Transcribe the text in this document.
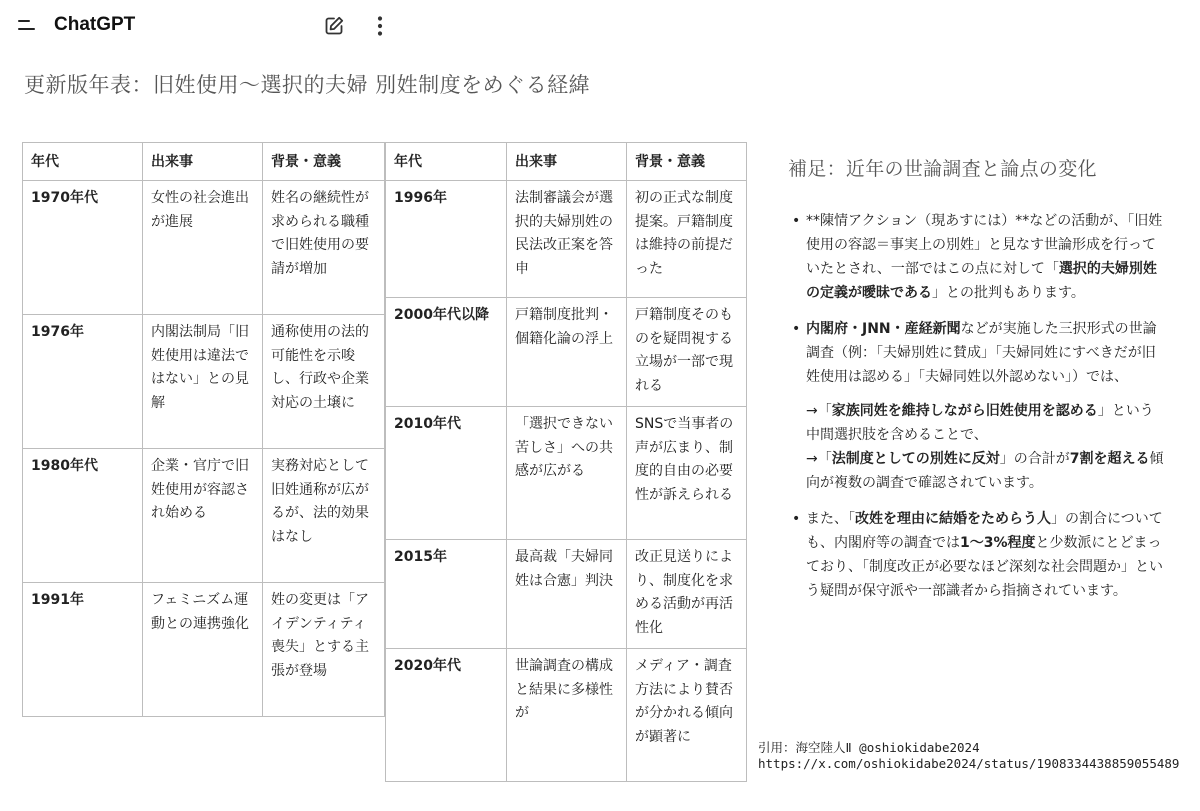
ChatGPT
更新版年表：旧姓使用〜選択的夫婦 別姓制度をめぐる経緯
年代	出来事	背景・意義
1970年代	女性の社会進出が進展	姓名の継続性が求められる職種で旧姓使用の要請が増加
1976年	内閣法制局「旧姓使用は違法ではない」との見解	通称使用の法的可能性を示唆し、行政や企業対応の土壌に
1980年代	企業・官庁で旧姓使用が容認され始める	実務対応として旧姓通称が広がるが、法的効果はなし
1991年	フェミニズム運動との連携強化	姓の変更は「アイデンティティ喪失」とする主張が登場
年代	出来事	背景・意義
1996年	法制審議会が選択的夫婦別姓の民法改正案を答申	初の正式な制度提案。戸籍制度は維持の前提だった
2000年代以降	戸籍制度批判・個籍化論の浮上	戸籍制度そのものを疑問視する立場が一部で現れる
2010年代	「選択できない苦しさ」への共感が広がる	SNSで当事者の声が広まり、制度的自由の必要性が訴えられる
2015年	最高裁「夫婦同姓は合憲」判決	改正見送りにより、制度化を求める活動が再活性化
2020年代	世論調査の構成と結果に多様性が	メディア・調査方法により賛否が分かれる傾向が顕著に
補足：近年の世論調査と論点の変化

• **陳情アクション（現あすには）**などの活動が、「旧姓使用の容認＝事実上の別姓」と見なす世論形成を行っていたとされ、一部ではこの点に対して「選択的夫婦別姓の定義が曖昧である」との批判もあります。

• 内閣府・JNN・産経新聞などが実施した三択形式の世論調査（例：「夫婦別姓に賛成」「夫婦同姓にすべきだが旧姓使用は認める」「夫婦同姓以外認めない」）では、

→「家族同姓を維持しながら旧姓使用を認める」という中間選択肢を含めることで、

→「法制度としての別姓に反対」の合計が7割を超える傾向が複数の調査で確認されています。

• また、「改姓を理由に結婚をためらう人」の割合についても、内閣府等の調査では1〜3%程度と少数派にとどまっており、「制度改正が必要なほど深刻な社会問題か」という疑問が保守派や一部識者から指摘されています。

引用：海空陸人Ⅱ @oshiokidabe2024
https://x.com/oshiokidabe2024/status/1908334438859055489
